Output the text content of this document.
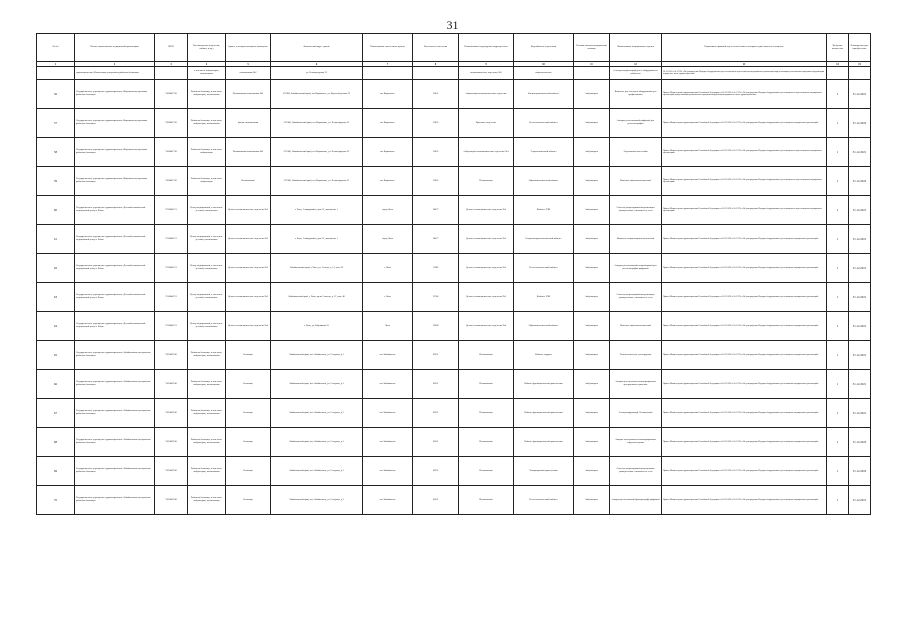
31
№ п/п	Полное наименование медицинской организации	ИНН	Тип помещения (отделение, кабинет и пр.)	Здание, в котором находится помещение	Фактический адрес здания	Наименование населенного пункта	Численность населения	Наименование структурного подразделения	Вид кабинета (отделения)	Условия оказания медицинской помощи	Наименование медицинского изделия	Нормативно правовой акт, в соответствии с которым осуществляется оснащение	Требуемое количество	Планируемая дата приобретения
1	2	3	4	5	6	7	8	9	10	11	12	13	14	15
	здравоохранения «Ключевская центральная районная больница»		в том числе амбулатория, поликлиника	поликлиника №2	ул. Ленинградская 22			поликлиническое отделение №2	неврологическое		(электроэнцефалограф) для с оборудованием кабинетов	28.12.2020 г. № 1379н «Об утверждении Порядка оборудованием для оснащения и переоснащения медицинских организаций при реализации региональных программ модернизации первичного звена здравоохранения»		
56	Государственное учреждение здравоохранения «Карымская центральная районная больница»	7508001750	Районная больница, в том числе амбулатория, поликлиника	Поликлиника поликлиника №2	673300, Забайкальский край, пгт Карымское, ул. Верхнебережная 22	пгт Карымское	12451	Амбулаторно-поликлиническое отделение	Физиотерапевтический кабинет	Амбулаторно	Комплекс для лечения и оборудования для профилактики	Приказ Министерства здравоохранения Российской Федерации от 28.12.2020 г. № 1379н «Об утверждении Порядка оборудованием для оснащения и переоснащения медицинских организаций при реализации региональных программ модернизации первичного звена здравоохранения»	1	31.12.2021
57	Государственное учреждение здравоохранения «Карымская центральная районная больница»	7508001750	Районная больница, в том числе амбулатория, поликлиника	Здание поликлиники	673300, Забайкальский край, пгт Карымское, ул. Ленинградская 22	пгт Карымское	12835	Приемное отделение	Рентгенологический кабинет	Амбулаторно	Аппарат рентгеновский цифровой для рентгенографии	Приказ Министерства здравоохранения Российской Федерации от 28.12.2020 г. № 1379н «Об утверждении Порядка оборудованием для оснащения медицинских организаций»	1	31.12.2022
58	Государственное учреждение здравоохранения «Карымская центральная районная больница»	7508001750	Районная больница, в том числе амбулатория	Поликлиника поликлиника №2	673300, Забайкальский край, пгт Карымское, ул. Ленинградская 22	пгт Карымское	12835	Амбулаторно-поликлиническое отделение №1	Эндоскопический кабинет	Амбулаторно	Эндоскопическая стойка	Приказ Министерства здравоохранения Российской Федерации от 28.12.2020 г. № 1379н «Об утверждении Порядка оборудованием для оснащения и переоснащения медицинских организаций»	1	31.12.2021
59	Государственное учреждение здравоохранения «Карымская центральная районная больница»	7508001750	Районная больница, в том числе амбулатория	Поликлиника	673300, Забайкальский край, пгт Карымское, ул. Ленинградская 22	пгт Карымское	12835	Поликлиника	Офтальмологический кабинет	Амбулаторно	Комплекс офтальмологический	Приказ Министерства здравоохранения Российской Федерации от 28.12.2020 г. № 1379н «Об утверждении Порядка оборудованием для оснащения и переоснащения медицинских организаций»	1	31.12.2022
60	Государственное учреждение здравоохранения «Детский клинический медицинский центр г. Читы»	7536040751	Центр медицинский, в том числе детский, поликлиника	Детское поликлиническое отделение №3	г. Чита, 1 микрорайон, дом 22, помещение 1	город Чита	18477	Детское поликлиническое отделение №3	Кабинет УЗИ	Амбулаторно	Система ультразвуковой визуализации универсальная с питанием от сети	Приказ Министерства здравоохранения Российской Федерации от 28.12.2020 г. № 1379н «Об утверждении Порядка оборудованием для оснащения и переоснащения медицинских организаций»	1	31.12.2021
61	Государственное учреждение здравоохранения «Детский клинический медицинский центр г. Читы»	7536040751	Центр медицинский, в том числе детский, поликлиника	Детское поликлиническое отделение №3	г. Чита, 1 микрорайон, дом 22, помещение 1	город Чита	18477	Детское поликлиническое отделение №3	Оториноларингологический кабинет	Амбулаторно	Комплекс оториноларингологический	Приказ Министерства здравоохранения Российской Федерации от 28.12.2020 г. № 1379н «Об утверждении Порядка оборудованием для оснащения медицинских организаций»	1	31.12.2021
62	Государственное учреждение здравоохранения «Детский клинический медицинский центр г. Читы»	7536040751	Центр медицинский, в том числе детский, поликлиника	Детское поликлиническое отделение №2	Забайкальский край, г. Чита, ул. Сенная, д. 11, пом. 96	г. Чита	11289	Детское поликлиническое отделение №2	Рентгенологический кабинет	Амбулаторно	Аппарат рентгеновский стационарный для рентгенографии цифровой	Приказ Министерства здравоохранения Российской Федерации от 28.12.2020 г. № 1379н «Об утверждении Порядка оборудованием для оснащения медицинских организаций»	1	31.12.2021
63	Государственное учреждение здравоохранения «Детский клинический медицинский центр г. Читы»	7536040751	Центр медицинский, в том числе детский, поликлиника	Детское поликлиническое отделение №2	Забайкальский край, г. Чита, пр-кт Советов, д. 17, пом. 48	г. Чита	12740	Детское поликлиническое отделение №2	Кабинет УЗИ	Амбулаторно	Система ультразвуковой визуализации универсальная с питанием от сети	Приказ Министерства здравоохранения Российской Федерации от 28.12.2020 г. № 1379н «Об утверждении Порядка оборудованием для оснащения медицинских организаций»	1	31.12.2021
64	Государственное учреждение здравоохранения «Детский клинический медицинский центр г. Читы»	7536040751	Центр медицинский, в том числе детский, поликлиника	Детское поликлиническое отделение №4	г. Чита, ул. Бабушкина 25	Чита	19698	Детское поликлиническое отделение №4	Офтальмологический кабинет	Амбулаторно	Комплекс офтальмологический	Приказ Министерства здравоохранения Российской Федерации от 28.12.2020 г. № 1379н «Об утверждении Порядка оборудованием для оснащения медицинских организаций»	1	31.12.2021
65	Государственное учреждение здравоохранения «Забайкальская центральная районная больница»	7505003910	Районная больница, в том числе амбулатория, поликлиника	Больница	Забайкальский край, пгт. Забайкальск, ул. Северная, д.1	пгт Забайкальск	10231	Поликлиника	Кабинет хирурга	Амбулаторно	Гинекологическое для хирургии	Приказ Министерства здравоохранения Российской Федерации от 28.12.2020 г. № 1379н «Об утверждении Порядка оборудованием для оснащения медицинских организаций»	1	31.12.2021
66	Государственное учреждение здравоохранения «Забайкальская центральная районная больница»	7505003910	Районная больница, в том числе амбулатория, поликлиника	Больница	Забайкальский край, пгт. Забайкальск, ул. Северная, д.1	пгт Забайкальск	10231	Поликлиника	Кабинет функциональной диагностики	Амбулаторно	Аппарат для суточного мониторирования артериального давления	Приказ Министерства здравоохранения Российской Федерации от 28.12.2020 г. № 1379н «Об утверждении Порядка оборудованием для оснащения медицинских организаций»	1	31.12.2021
67	Государственное учреждение здравоохранения «Забайкальская центральная районная больница»	7505003910	Районная больница, в том числе амбулатория, поликлиника	Больница	Забайкальский край, пгт. Забайкальск, ул. Северная, д.1	пгт Забайкальск	10231	Поликлиника	Кабинет функциональной диагностики	Амбулаторно	Электрокардиограф 12-канальный	Приказ Министерства здравоохранения Российской Федерации от 28.12.2020 г. № 1379н «Об утверждении Порядка оборудованием для оснащения медицинских организаций»	1	31.12.2021
68	Государственное учреждение здравоохранения «Забайкальская центральная районная больница»	7505003910	Районная больница, в том числе амбулатория, поликлиника	Больница	Забайкальский край, пгт. Забайкальск, ул. Северная, д.1	пгт Забайкальск	10231	Поликлиника	Кабинет функциональной диагностики	Амбулаторно	Аппарат холтеровского мониторирования сердечного ритма	Приказ Министерства здравоохранения Российской Федерации от 28.12.2020 г. № 1379н «Об утверждении Порядка оборудованием для оснащения медицинских организаций»	1	31.12.2022
69	Государственное учреждение здравоохранения «Забайкальская центральная районная больница»	7505003910	Районная больница, в том числе амбулатория, поликлиника	Больница	Забайкальский край, пгт. Забайкальск, ул. Северная, д.1	пгт Забайкальск	10231	Поликлиника	Ультразвуковой диагностики	Амбулаторно	Система ультразвуковой визуализации универсальная с питанием от сети	Приказ Министерства здравоохранения Российской Федерации от 28.12.2020 г. № 1379н «Об утверждении Порядка оборудованием для оснащения медицинских организаций»	1	31.12.2022
70	Государственное учреждение здравоохранения «Забайкальская центральная районная больница»	7505003910	Районная больница, в том числе амбулатория, поликлиника	Больница	Забайкальский край, пгт. Забайкальск, ул. Северная, д.1	пгт Забайкальск	10231	Поликлиника	Рентгенологический кабинет	Амбулаторно	Аппарат рентгеновский (флюорограф) цифровой	Приказ Министерства здравоохранения Российской Федерации от 28.12.2020 г. № 1379н «Об утверждении Порядка оборудованием для оснащения медицинских организаций»	1	31.12.2021
